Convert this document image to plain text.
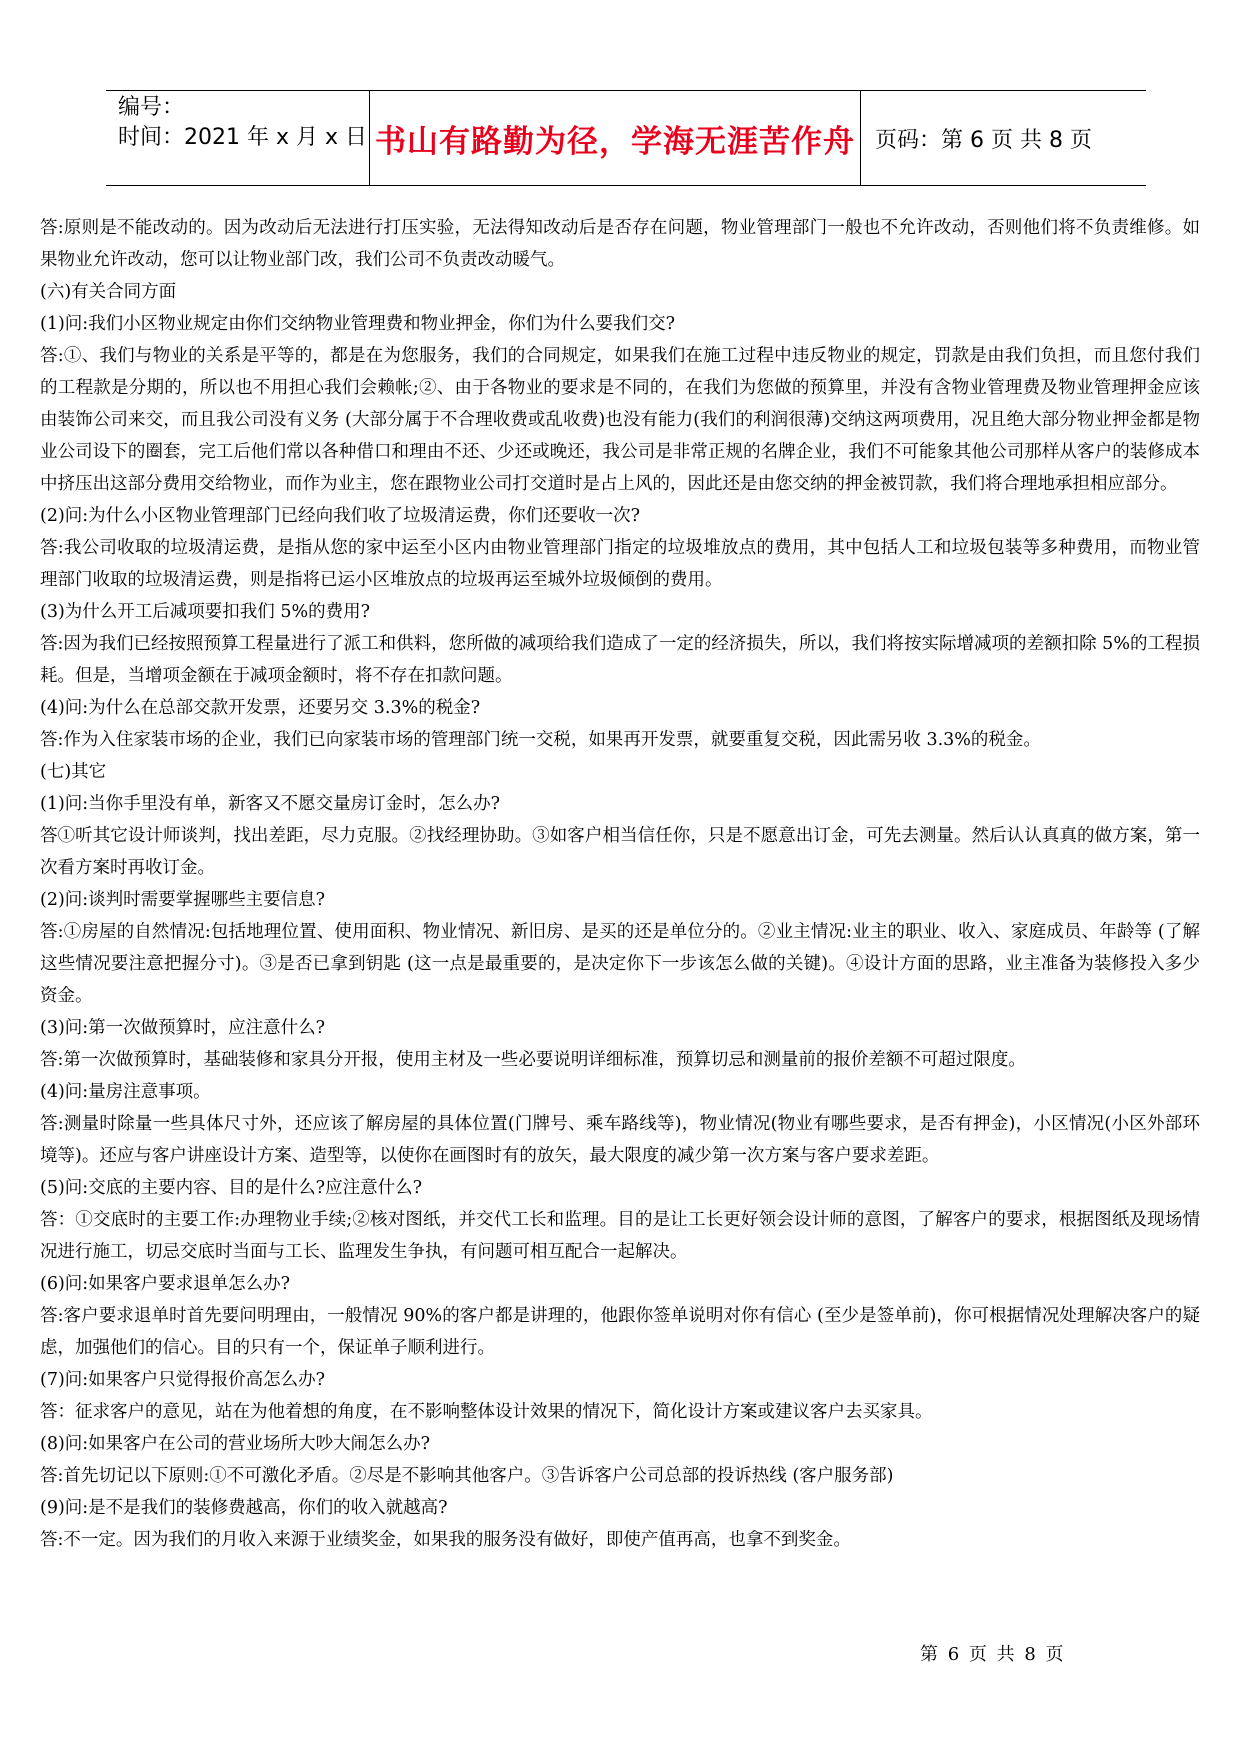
编号：
时间：2021 年 x 月 x 日 书山有路勤为径，学海无涯苦作舟 页码：第 6 页 共 8 页

答:原则是不能改动的。因为改动后无法进行打压实验，无法得知改动后是否存在问题，物业管理部门一般也不允许改动，否则他们将不负责维修。如果物业允许改动，您可以让物业部门改，我们公司不负责改动暖气。

(六)有关合同方面

(1)问:我们小区物业规定由你们交纳物业管理费和物业押金，你们为什么要我们交?

答:①、我们与物业的关系是平等的，都是在为您服务，我们的合同规定，如果我们在施工过程中违反物业的规定，罚款是由我们负担，而且您付我们的工程款是分期的，所以也不用担心我们会赖帐;②、由于各物业的要求是不同的，在我们为您做的预算里，并没有含物业管理费及物业管理押金应该由装饰公司来交，而且我公司没有义务 (大部分属于不合理收费或乱收费)也没有能力(我们的利润很薄)交纳这两项费用，况且绝大部分物业押金都是物业公司设下的圈套，完工后他们常以各种借口和理由不还、少还或晚还，我公司是非常正规的名牌企业，我们不可能象其他公司那样从客户的装修成本中挤压出这部分费用交给物业，而作为业主，您在跟物业公司打交道时是占上风的，因此还是由您交纳的押金被罚款，我们将合理地承担相应部分。

(2)问:为什么小区物业管理部门已经向我们收了垃圾清运费，你们还要收一次?

答:我公司收取的垃圾清运费，是指从您的家中运至小区内由物业管理部门指定的垃圾堆放点的费用，其中包括人工和垃圾包装等多种费用，而物业管理部门收取的垃圾清运费，则是指将已运小区堆放点的垃圾再运至城外垃圾倾倒的费用。

(3)为什么开工后减项要扣我们 5%的费用?

答:因为我们已经按照预算工程量进行了派工和供料，您所做的减项给我们造成了一定的经济损失，所以，我们将按实际增减项的差额扣除 5%的工程损耗。但是，当增项金额在于减项金额时，将不存在扣款问题。

(4)问:为什么在总部交款开发票，还要另交 3.3%的税金?

答:作为入住家装市场的企业，我们已向家装市场的管理部门统一交税，如果再开发票，就要重复交税，因此需另收 3.3%的税金。

(七)其它

(1)问:当你手里没有单，新客又不愿交量房订金时，怎么办?

答①听其它设计师谈判，找出差距，尽力克服。②找经理协助。③如客户相当信任你，只是不愿意出订金，可先去测量。然后认认真真的做方案，第一次看方案时再收订金。

(2)问:谈判时需要掌握哪些主要信息?

答:①房屋的自然情况:包括地理位置、使用面积、物业情况、新旧房、是买的还是单位分的。②业主情况:业主的职业、收入、家庭成员、年龄等 (了解这些情况要注意把握分寸)。③是否已拿到钥匙 (这一点是最重要的，是决定你下一步该怎么做的关键)。④设计方面的思路，业主准备为装修投入多少资金。

(3)问:第一次做预算时，应注意什么?

答:第一次做预算时，基础装修和家具分开报，使用主材及一些必要说明详细标准，预算切忌和测量前的报价差额不可超过限度。

(4)问:量房注意事项。

答:测量时除量一些具体尺寸外，还应该了解房屋的具体位置(门牌号、乘车路线等)，物业情况(物业有哪些要求，是否有押金)，小区情况(小区外部环境等)。还应与客户讲座设计方案、造型等，以使你在画图时有的放矢，最大限度的减少第一次方案与客户要求差距。

(5)问:交底的主要内容、目的是什么?应注意什么?

答：①交底时的主要工作:办理物业手续;②核对图纸，并交代工长和监理。目的是让工长更好领会设计师的意图，了解客户的要求，根据图纸及现场情况进行施工，切忌交底时当面与工长、监理发生争执，有问题可相互配合一起解决。

(6)问:如果客户要求退单怎么办?

答:客户要求退单时首先要问明理由，一般情况 90%的客户都是讲理的，他跟你签单说明对你有信心 (至少是签单前)，你可根据情况处理解决客户的疑虑，加强他们的信心。目的只有一个，保证单子顺利进行。

(7)问:如果客户只觉得报价高怎么办?

答：征求客户的意见，站在为他着想的角度，在不影响整体设计效果的情况下，简化设计方案或建议客户去买家具。

(8)问:如果客户在公司的营业场所大吵大闹怎么办?

答:首先切记以下原则:①不可激化矛盾。②尽是不影响其他客户。③告诉客户公司总部的投诉热线 (客户服务部)

(9)问:是不是我们的装修费越高，你们的收入就越高?

答:不一定。因为我们的月收入来源于业绩奖金，如果我的服务没有做好，即使产值再高，也拿不到奖金。

第 6 页 共 8 页
